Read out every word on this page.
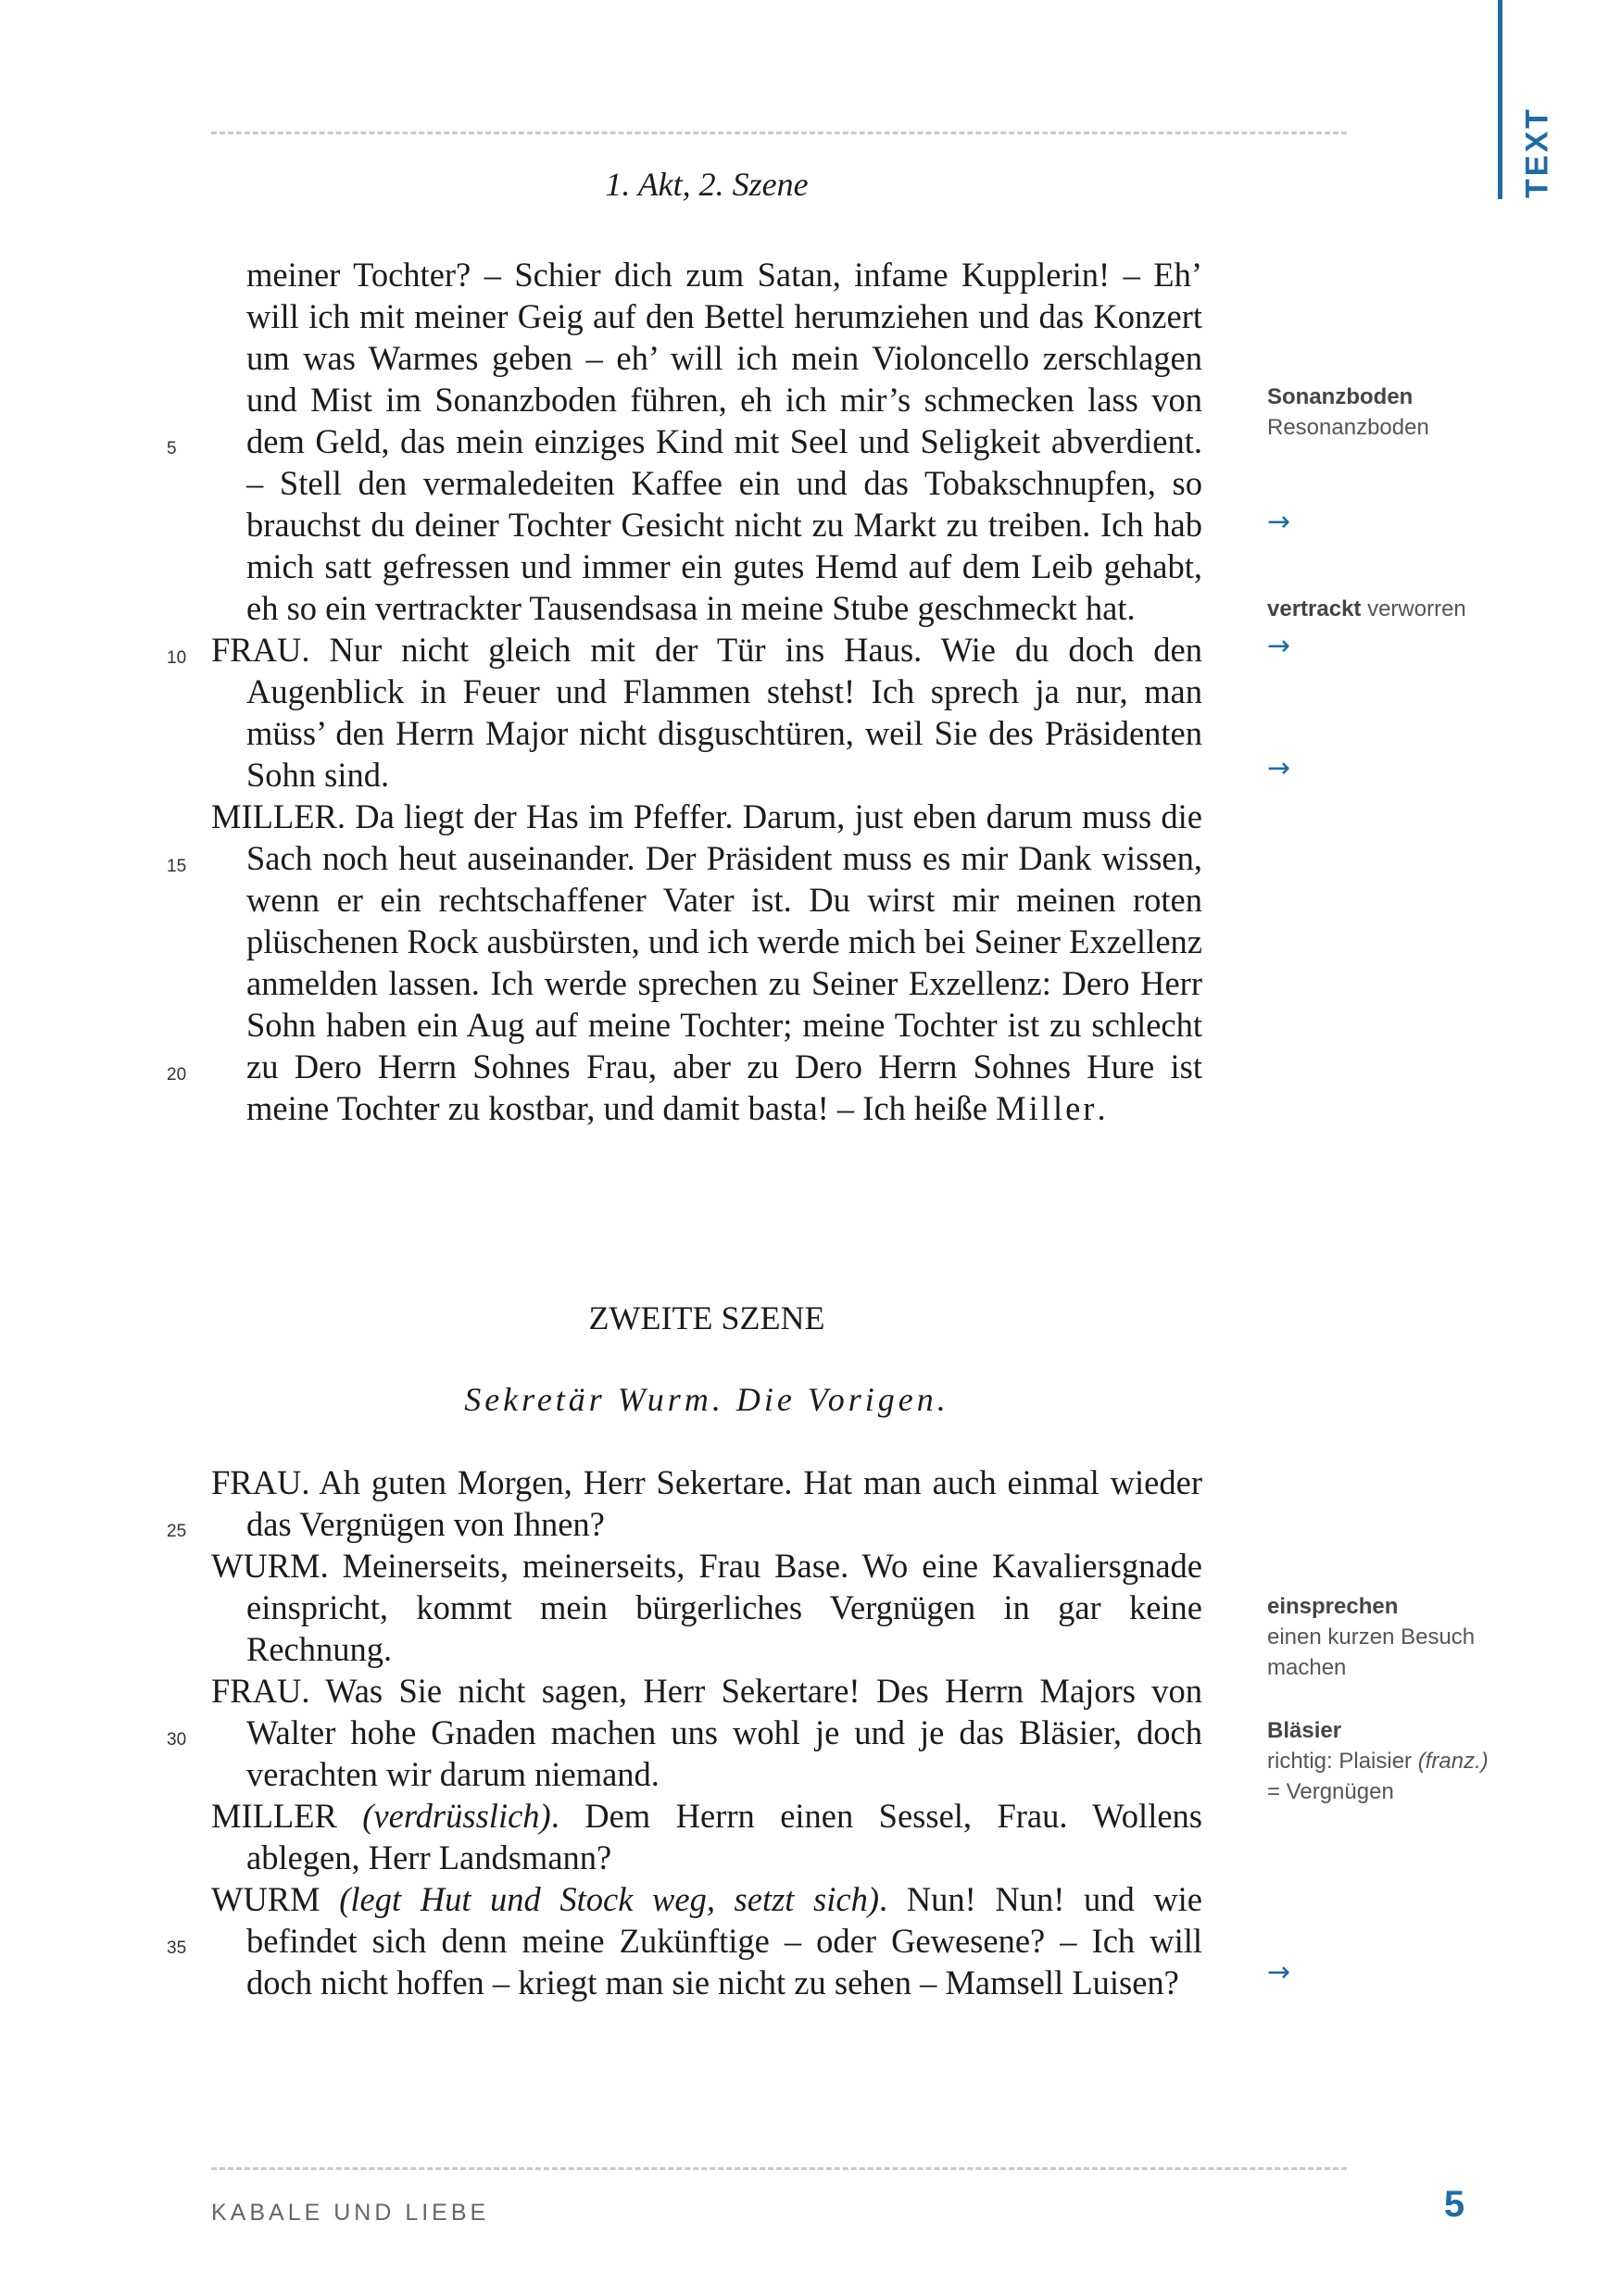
TEXT
1. Akt, 2. Szene

meiner Tochter? – Schier dich zum Satan, infame Kupplerin! – Eh’ will ich mit meiner Geig auf den Bettel herumziehen und das Konzert um was Warmes geben – eh’ will ich mein Violoncello zerschlagen und Mist im Sonanzboden führen, eh ich mir’s schmecken lass von dem Geld, das mein einziges Kind mit Seel und Seligkeit abverdient. – Stell den vermaledeiten Kaffee ein und das Tobakschnupfen, so brauchst du deiner Tochter Gesicht nicht zu Markt zu treiben. Ich hab mich satt gefressen und immer ein gutes Hemd auf dem Leib gehabt, eh so ein vertrackter Tausendsasa in meine Stube geschmeckt hat.

FRAU. Nur nicht gleich mit der Tür ins Haus. Wie du doch den Augenblick in Feuer und Flammen stehst! Ich sprech ja nur, man müss’ den Herrn Major nicht disguschtüren, weil Sie des Präsidenten Sohn sind.

MILLER. Da liegt der Has im Pfeffer. Darum, just eben darum muss die Sach noch heut auseinander. Der Präsident muss es mir Dank wissen, wenn er ein rechtschaffener Vater ist. Du wirst mir meinen roten plüschenen Rock ausbürsten, und ich werde mich bei Seiner Exzellenz anmelden lassen. Ich werde sprechen zu Seiner Exzellenz: Dero Herr Sohn haben ein Aug auf meine Tochter; meine Tochter ist zu schlecht zu Dero Herrn Sohnes Frau, aber zu Dero Herrn Sohnes Hure ist meine Tochter zu kostbar, und damit basta! – Ich heiße Miller.

ZWEITE SZENE
Sekretär Wurm. Die Vorigen.

FRAU. Ah guten Morgen, Herr Sekertare. Hat man auch einmal wieder das Vergnügen von Ihnen?

WURM. Meinerseits, meinerseits, Frau Base. Wo eine Kavaliersgnade einspricht, kommt mein bürgerliches Vergnügen in gar keine Rechnung.

FRAU. Was Sie nicht sagen, Herr Sekertare! Des Herrn Majors von Walter hohe Gnaden machen uns wohl je und je das Bläsier, doch verachten wir darum niemand.

MILLER (verdrüsslich). Dem Herrn einen Sessel, Frau. Wollens ablegen, Herr Landsmann?

WURM (legt Hut und Stock weg, setzt sich). Nun! Nun! und wie befindet sich denn meine Zukünftige – oder Gewesene? – Ich will doch nicht hoffen – kriegt man sie nicht zu sehen – Mamsell Luisen?

5
10
15
20
25
30
35
Sonanzboden
Resonanzboden
vertrackt verworren
einsprechen
einen kurzen Besuch machen
Bläsier
richtig: Plaisier (franz.)
= Vergnügen
→
→
→
→
KABALE UND LIEBE	5
